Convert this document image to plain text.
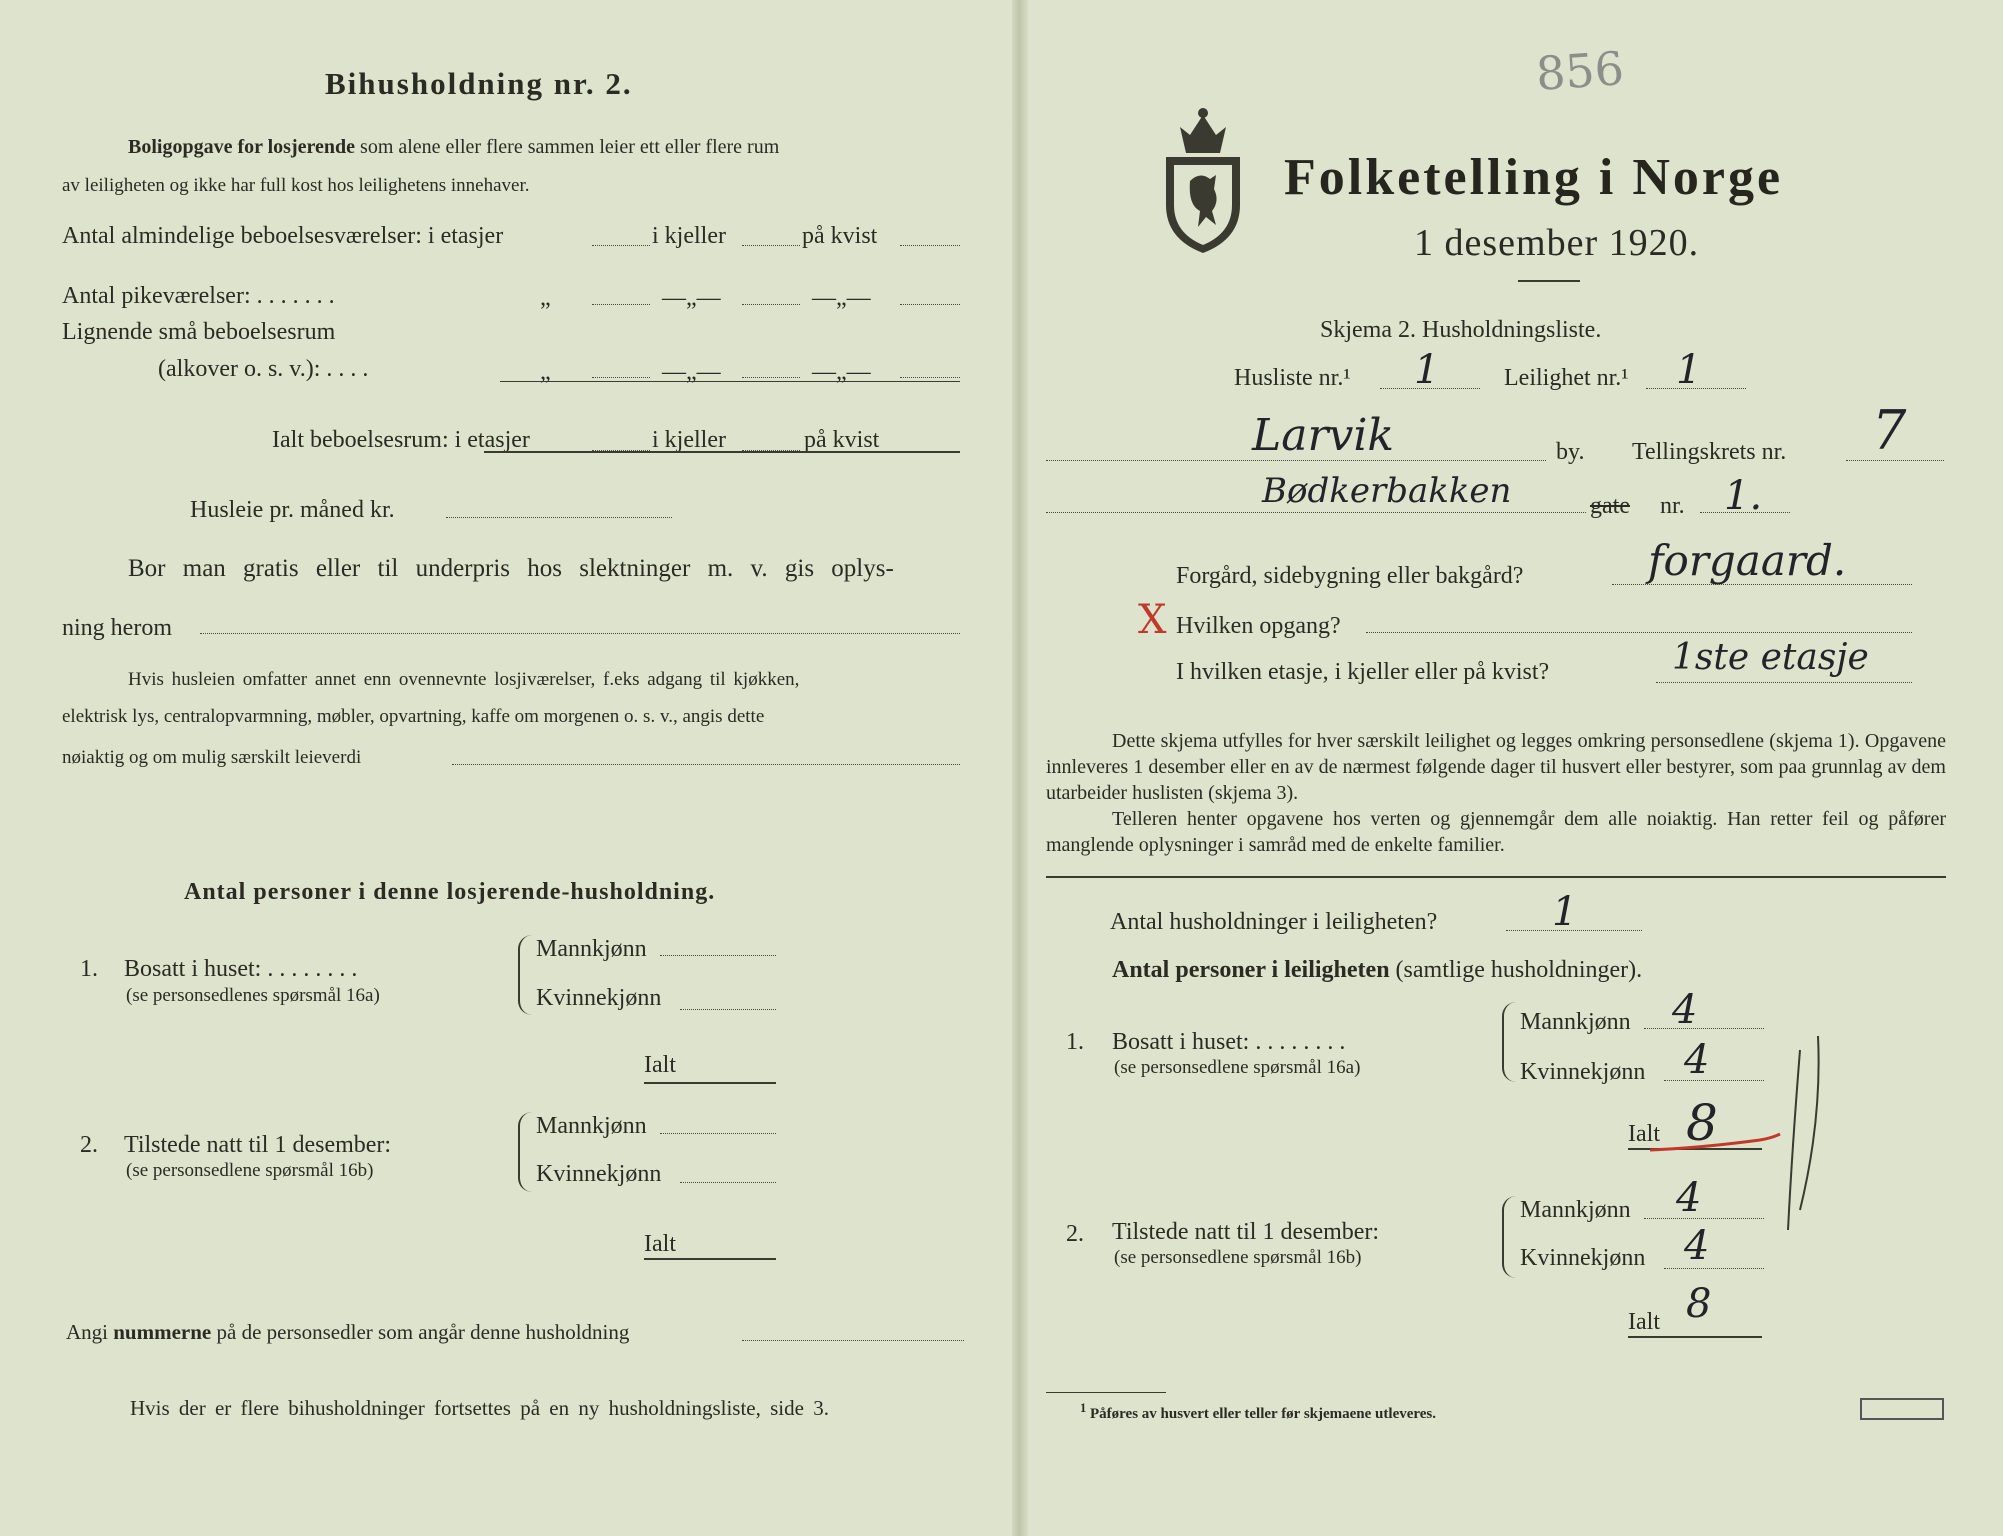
Bihusholdning nr. 2.
Boligopgave for losjerende som alene eller flere sammen leier ett eller flere rum
av leiligheten og ikke har full kost hos leilighetens innehaver.
Antal almindelige beboelsesværelser: i etasjer	i kjeller	på kvist
Antal pikeværelser: . . . . . . .	„	—„—	—„—
Lignende små beboelsesrum
(alkover o. s. v.): . . . .	„	—„—	—„—
Ialt beboelsesrum: i etasjer	i kjeller	på kvist
Husleie pr. måned kr.
Bor man gratis eller til underpris hos slektninger m. v. gis oplys-
ning herom
Hvis husleien omfatter annet enn ovennevnte losjiværelser, f.eks adgang til kjøkken,
elektrisk lys, centralopvarmning, møbler, opvartning, kaffe om morgenen o. s. v., angis dette
nøiaktig og om mulig særskilt leieverdi
Antal personer i denne losjerende-husholdning.
1. Bosatt i huset: . . . . . . . .
(se personsedlenes spørsmål 16a)
Mannkjønn
Kvinnekjønn
Ialt
2. Tilstede natt til 1 desember:
(se personsedlene spørsmål 16b)
Mannkjønn
Kvinnekjønn
Ialt
Angi nummerne på de personsedler som angår denne husholdning
Hvis der er flere bihusholdninger fortsettes på en ny husholdningsliste, side 3.
856
Folketelling i Norge
1 desember 1920.
Skjema 2. Husholdningsliste.
Husliste nr.¹ 1	Leilighet nr.¹ 1
Larvik	by. Tellingskrets nr. 7
Bødkerbakken	gate nr. 1.
Forgård, sidebygning eller bakgård?	forgaard.
X Hvilken opgang?
I hvilken etasje, i kjeller eller på kvist?	1ste etasje
Dette skjema utfylles for hver særskilt leilighet og legges omkring personsedlene (skjema 1). Opgavene innleveres 1 desember eller en av de nærmest følgende dager til husvert eller bestyrer, som paa grunnlag av dem utarbeider huslisten (skjema 3).
Telleren henter opgavene hos verten og gjennemgår dem alle noiaktig. Han retter feil og påfører manglende oplysninger i samråd med de enkelte familier.
Antal husholdninger i leiligheten?	1
Antal personer i leiligheten (samtlige husholdninger).
1. Bosatt i huset: . . . . . . . .
(se personsedlene spørsmål 16a)
Mannkjønn 4
Kvinnekjønn 4
Ialt 8
2. Tilstede natt til 1 desember:
(se personsedlene spørsmål 16b)
Mannkjønn 4
Kvinnekjønn 4
Ialt 8
$^1$ Påføres av husvert eller teller før skjemaene utleveres.
